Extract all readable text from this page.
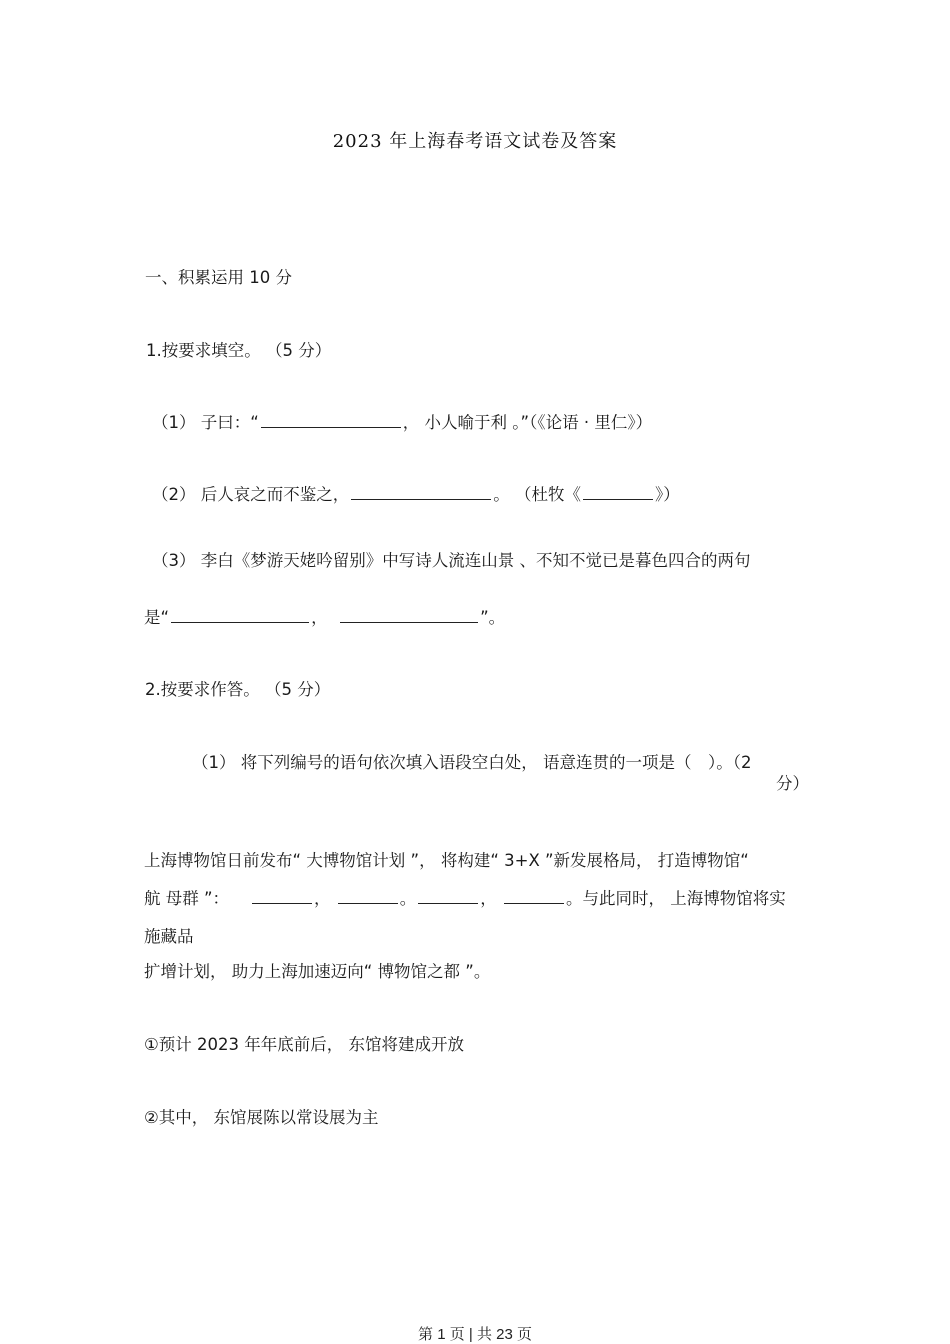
2023 年上海春考语文试卷及答案
一、积累运用 10 分
1.按要求填空。 （5 分）
（1） 子曰：“	， 小人喻于利 。”（《论语 · 里仁》）
（2） 后人哀之而不鉴之，	。 （杜牧《	》）
（3） 李白《梦游天姥吟留别》中写诗人流连山景 、不知不觉已是暮色四合的两句
是“	，	”。
2.按要求作答。 （5 分）
（1） 将下列编号的语句依次填入语段空白处， 语意连贯的一项是（　）。（2
分）
上海博物馆日前发布“ 大博物馆计划 ”， 将构建“ 3+X ”新发展格局， 打造博物馆“
航 母群 ”：	，	。	，	。与此同时， 上海博物馆将实
施藏品
扩增计划， 助力上海加速迈向“ 博物馆之都 ”。
①预计 2023 年年底前后， 东馆将建成开放
②其中， 东馆展陈以常设展为主
第 1 页 | 共 23 页
